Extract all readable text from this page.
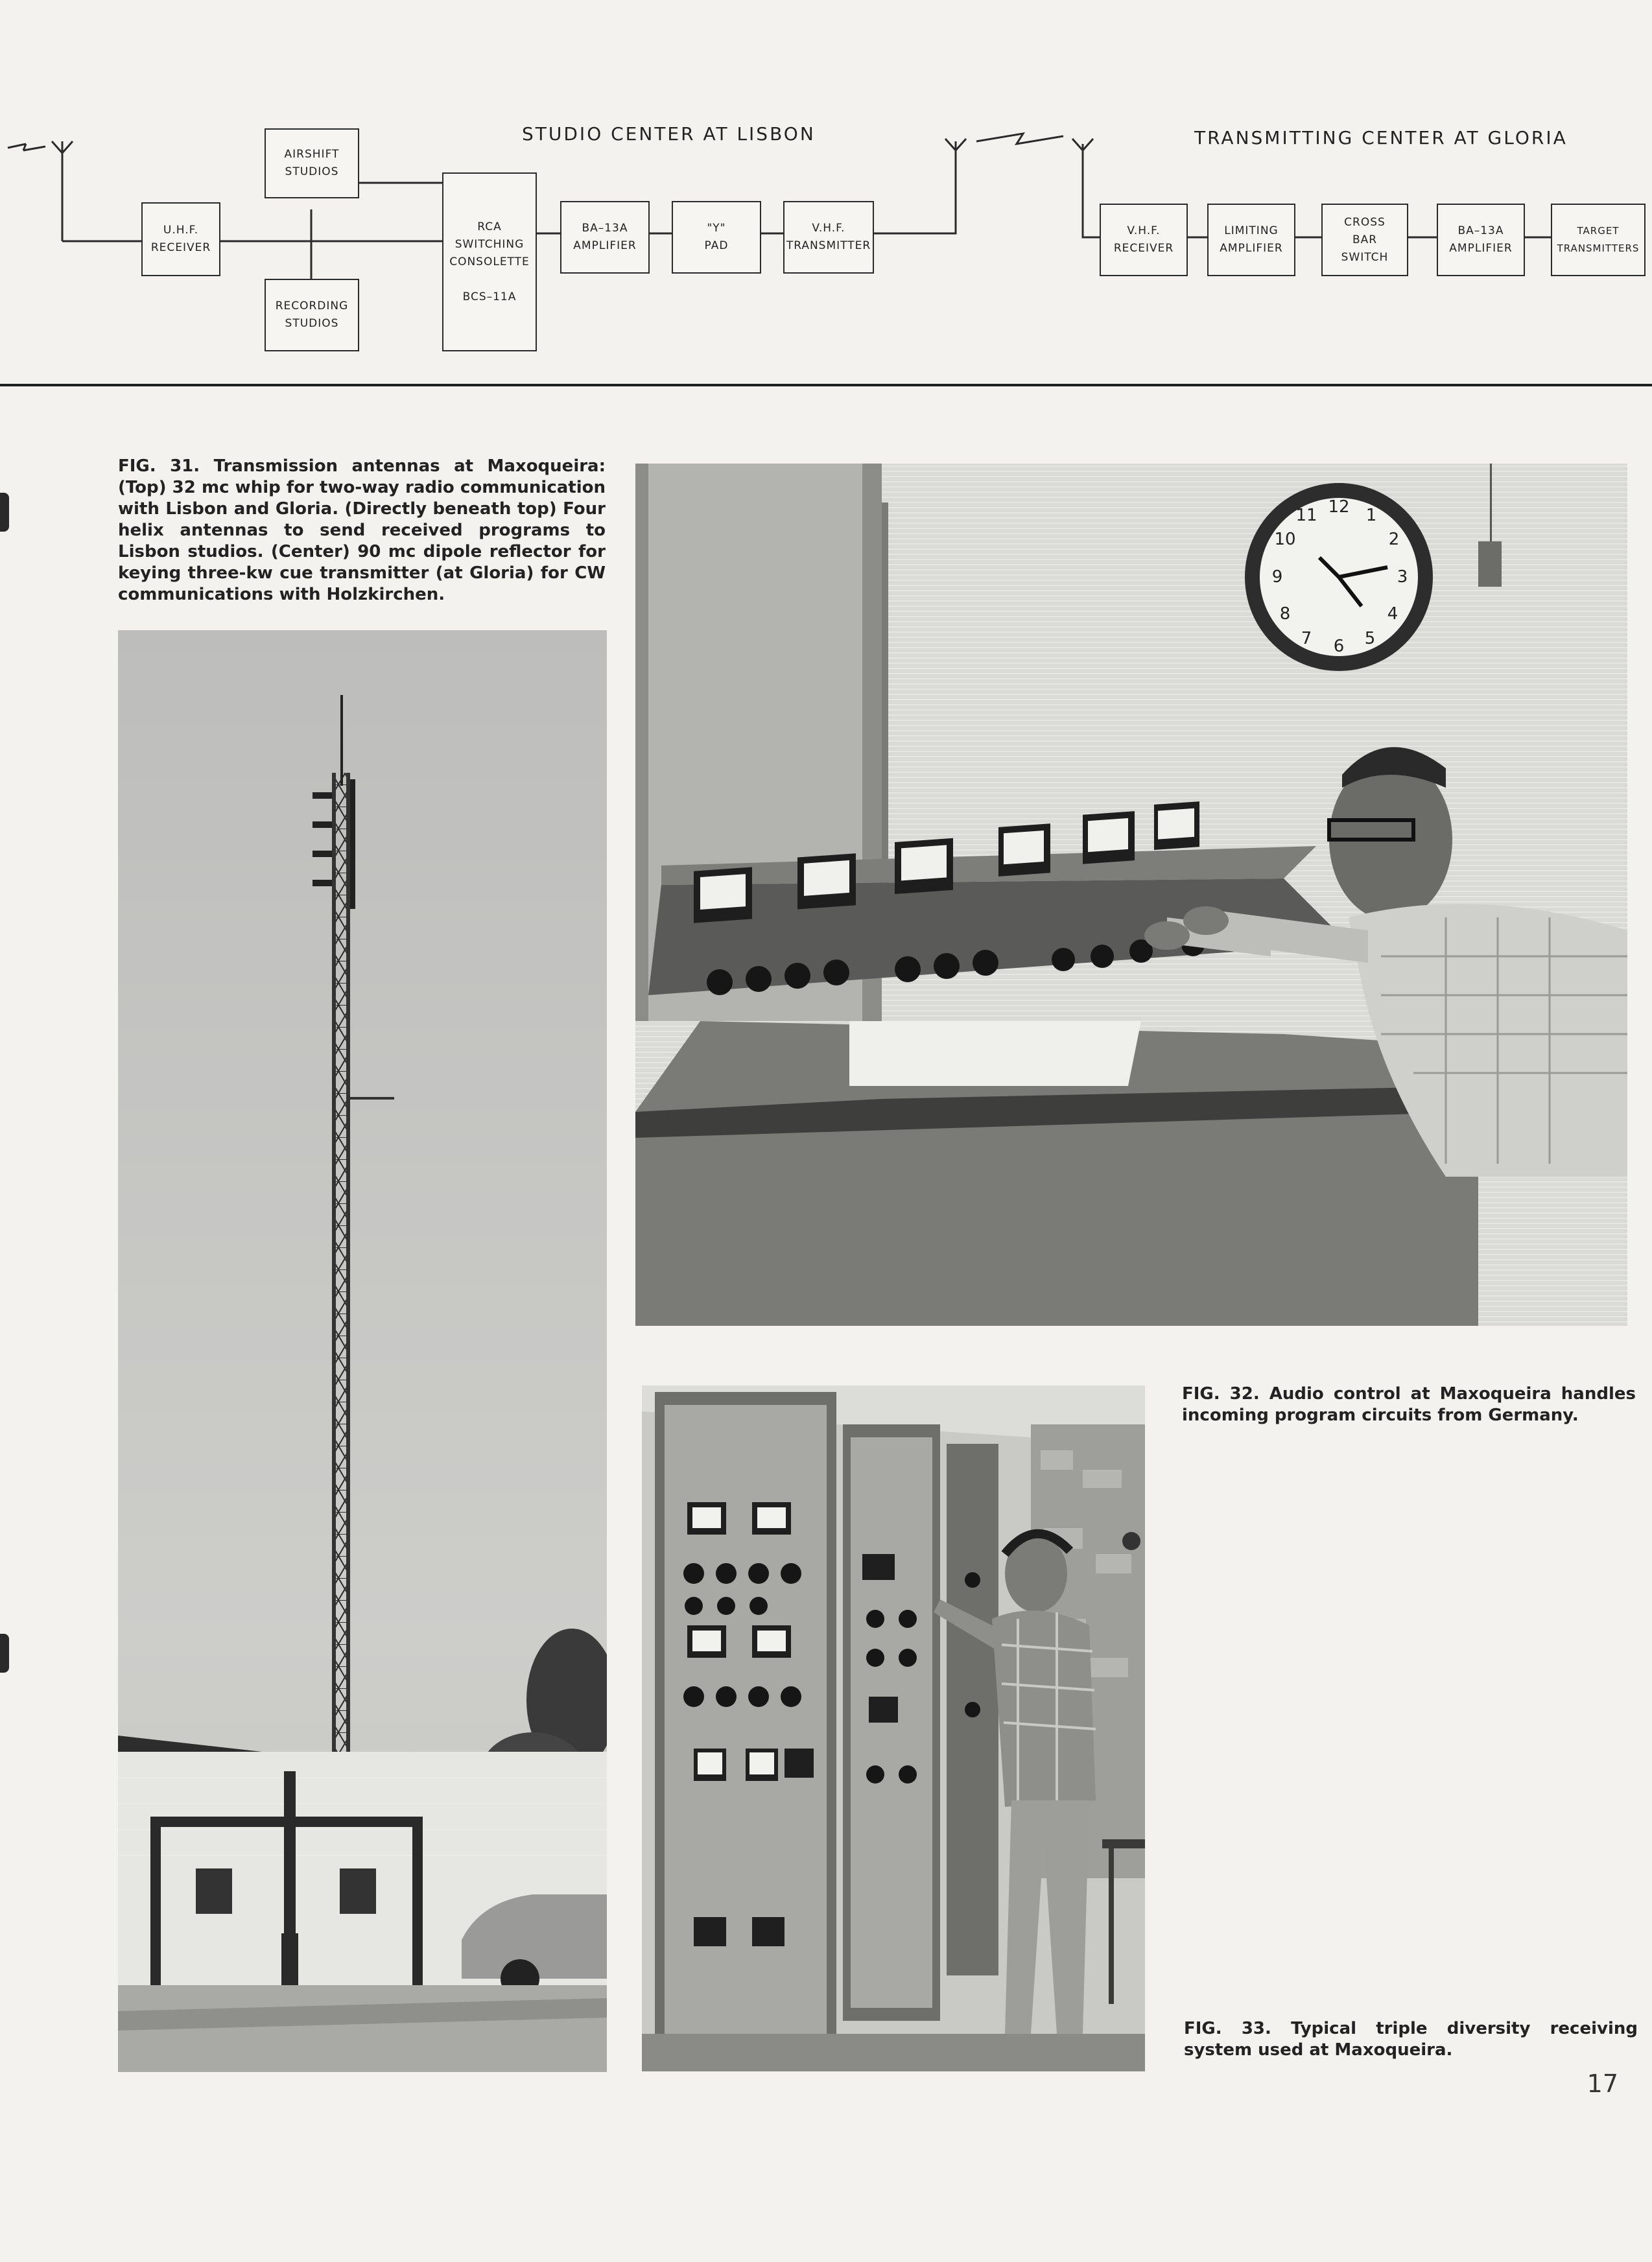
STUDIO CENTER AT LISBON	TRANSMITTING CENTER AT GLORIA
U.H.F.
RECEIVER
AIRSHIFT
STUDIOS
RECORDING
STUDIOS
RCA
SWITCHING
CONSOLETTE

BCS–11A
BA–13A
AMPLIFIER
"Y"
PAD
V.H.F.
TRANSMITTER
V.H.F.
RECEIVER
LIMITING
AMPLIFIER
CROSS
BAR
SWITCH
BA–13A
AMPLIFIER
TARGET
TRANSMITTERS
FIG. 31. Transmission antennas at Maxoqueira: (Top) 32 mc whip for two-way radio communication with Lisbon and Gloria. (Directly beneath top) Four helix antennas to send received programs to Lisbon studios. (Center) 90 mc dipole reflector for keying three-kw cue transmitter (at Gloria) for CW communications with Holzkirchen.
FIG. 32. Audio control at Maxoqueira handles incoming program circuits from Germany.
FIG. 33. Typical triple diversity receiving system used at Maxoqueira.
12 1
2
3
4
5
6
7
8
9
10
11
17
